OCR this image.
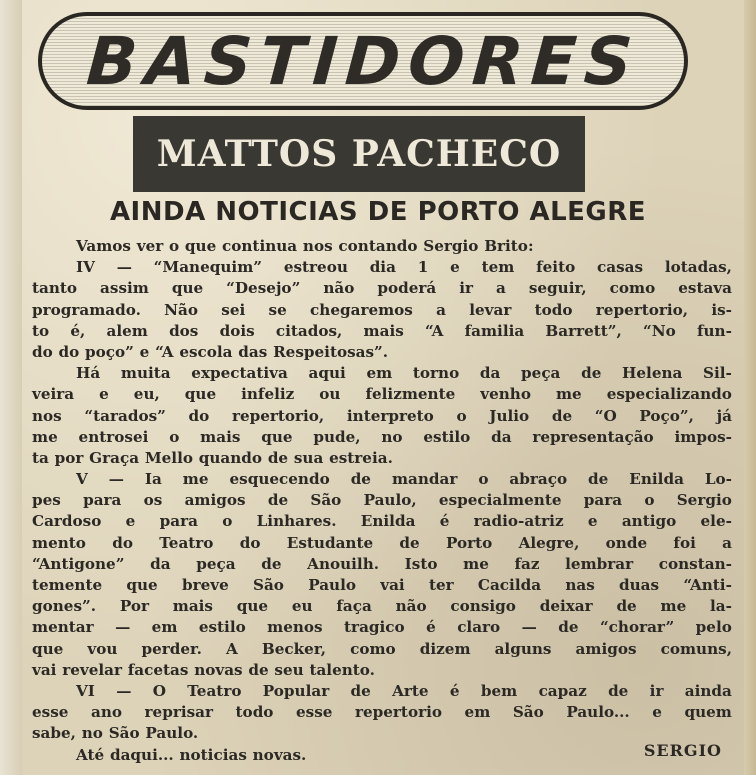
BASTIDORES
MATTOS PACHECO
AINDA NOTICIAS DE PORTO ALEGRE
Vamos ver o que continua nos contando Sergio Brito:
IV — “Manequim” estreou dia 1 e tem feito casas lotadas,
tanto assim que “Desejo” não poderá ir a seguir, como estava
programado. Não sei se chegaremos a levar todo repertorio, is-
to é, alem dos dois citados, mais “A familia Barrett”, “No fun-
do do poço” e “A escola das Respeitosas”.
Há muita expectativa aqui em torno da peça de Helena Sil-
veira e eu, que infeliz ou felizmente venho me especializando
nos “tarados” do repertorio, interpreto o Julio de “O Poço”, já
me entrosei o mais que pude, no estilo da representação impos-
ta por Graça Mello quando de sua estreia.
V — Ia me esquecendo de mandar o abraço de Enilda Lo-
pes para os amigos de São Paulo, especialmente para o Sergio
Cardoso e para o Linhares. Enilda é radio-atriz e antigo ele-
mento do Teatro do Estudante de Porto Alegre, onde foi a
“Antigone” da peça de Anouilh. Isto me faz lembrar constan-
temente que breve São Paulo vai ter Cacilda nas duas “Anti-
gones”. Por mais que eu faça não consigo deixar de me la-
mentar — em estilo menos tragico é claro — de “chorar” pelo
que vou perder. A Becker, como dizem alguns amigos comuns,
vai revelar facetas novas de seu talento.
VI — O Teatro Popular de Arte é bem capaz de ir ainda
esse ano reprisar todo esse repertorio em São Paulo... e quem
sabe, no São Paulo.
Até daqui... noticias novas.	SERGIO
